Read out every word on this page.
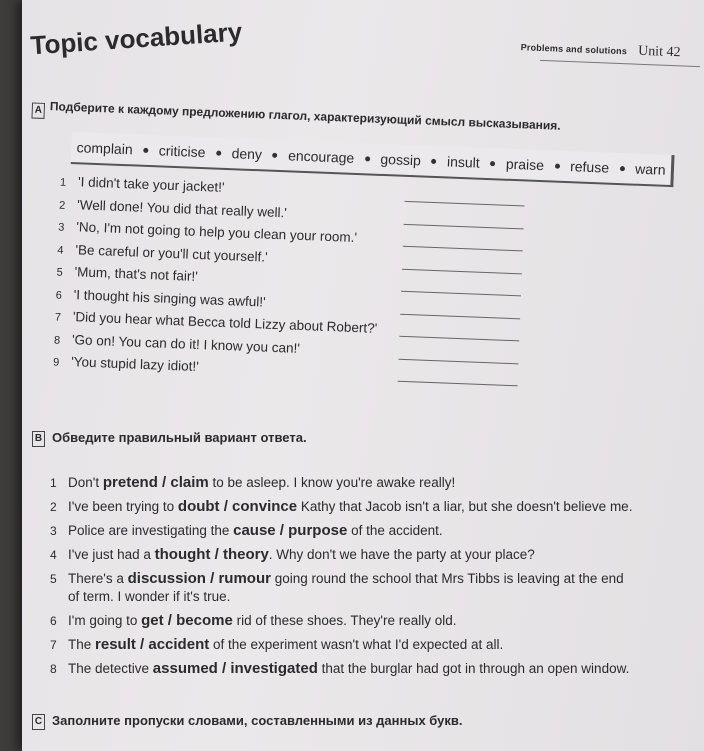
Problems and solutions Unit 42
Topic vocabulary
A Подберите к каждому предложению глагол, характеризующий смысл высказывания.
complain criticise deny encourage gossip insult praise refuse warn
1 'I didn't take your jacket!'
2 'Well done! You did that really well.'
3 'No, I'm not going to help you clean your room.'
4 'Be careful or you'll cut yourself.'
5 'Mum, that's not fair!'
6 'I thought his singing was awful!'
7 'Did you hear what Becca told Lizzy about Robert?'
8 'Go on! You can do it! I know you can!'
9 'You stupid lazy idiot!'
B Обведите правильный вариант ответа.
1 Don't pretend / claim to be asleep. I know you're awake really!
2 I've been trying to doubt / convince Kathy that Jacob isn't a liar, but she doesn't believe me.
3 Police are investigating the cause / purpose of the accident.
4 I've just had a thought / theory. Why don't we have the party at your place?
5 There's a discussion / rumour going round the school that Mrs Tibbs is leaving at the end
of term. I wonder if it's true.
6 I'm going to get / become rid of these shoes. They're really old.
7 The result / accident of the experiment wasn't what I'd expected at all.
8 The detective assumed / investigated that the burglar had got in through an open window.
C Заполните пропуски словами, составленными из данных букв.
